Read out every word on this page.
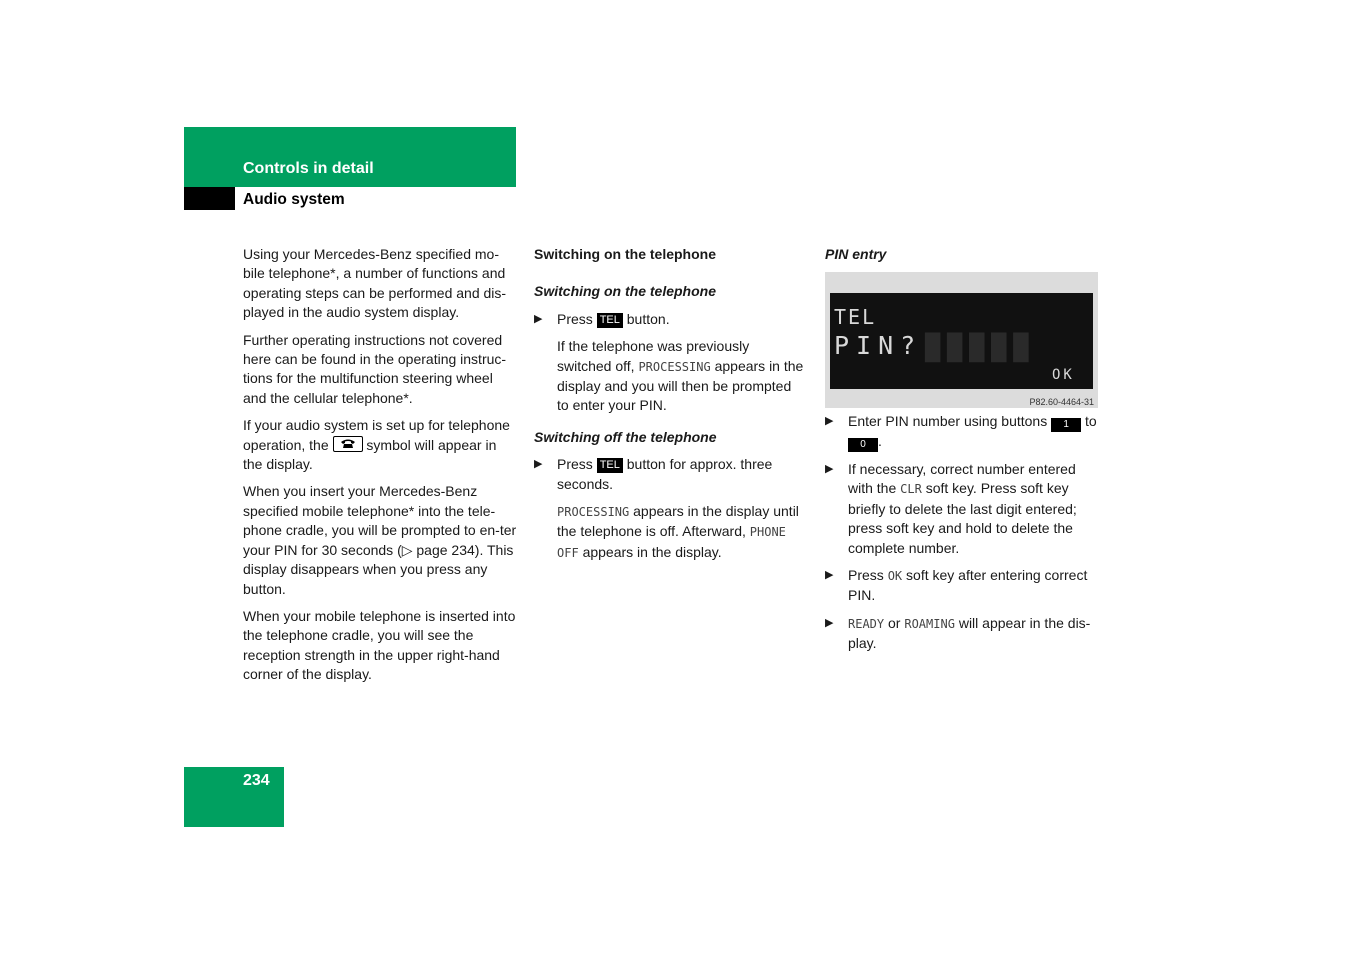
Controls in detail
Audio system

Using your Mercedes-Benz specified mo-bile telephone*, a number of functions and operating steps can be performed and dis-played in the audio system display.

Further operating instructions not covered here can be found in the operating instruc-tions for the multifunction steering wheel and the cellular telephone*.

If your audio system is set up for telephone operation, the	symbol will appear in the display.

When you insert your Mercedes-Benz specified mobile telephone* into the tele-phone cradle, you will be prompted to en-ter your PIN for 30 seconds (▷ page 234). This display disappears when you press any button.

When your mobile telephone is inserted into the telephone cradle, you will see the reception strength in the upper right-hand corner of the display.

Switching on the telephone
Switching on the telephone
▶ Press TEL button.
If the telephone was previously switched off, PROCESSING appears in the display and you will then be prompted to enter your PIN.
Switching off the telephone
▶ Press TEL button for approx. three seconds.
PROCESSING appears in the display until the telephone is off. Afterward, PHONE OFF appears in the display.
PIN entry
█████
TEL
PIN?
OK
P82.60-4464-31
▶ Enter PIN number using buttons 1 to 0 .
▶ If necessary, correct number entered with the CLR soft key. Press soft key briefly to delete the last digit entered; press soft key and hold to delete the complete number.
▶ Press OK soft key after entering correct PIN.
▶ READY or ROAMING will appear in the dis-play.
234
